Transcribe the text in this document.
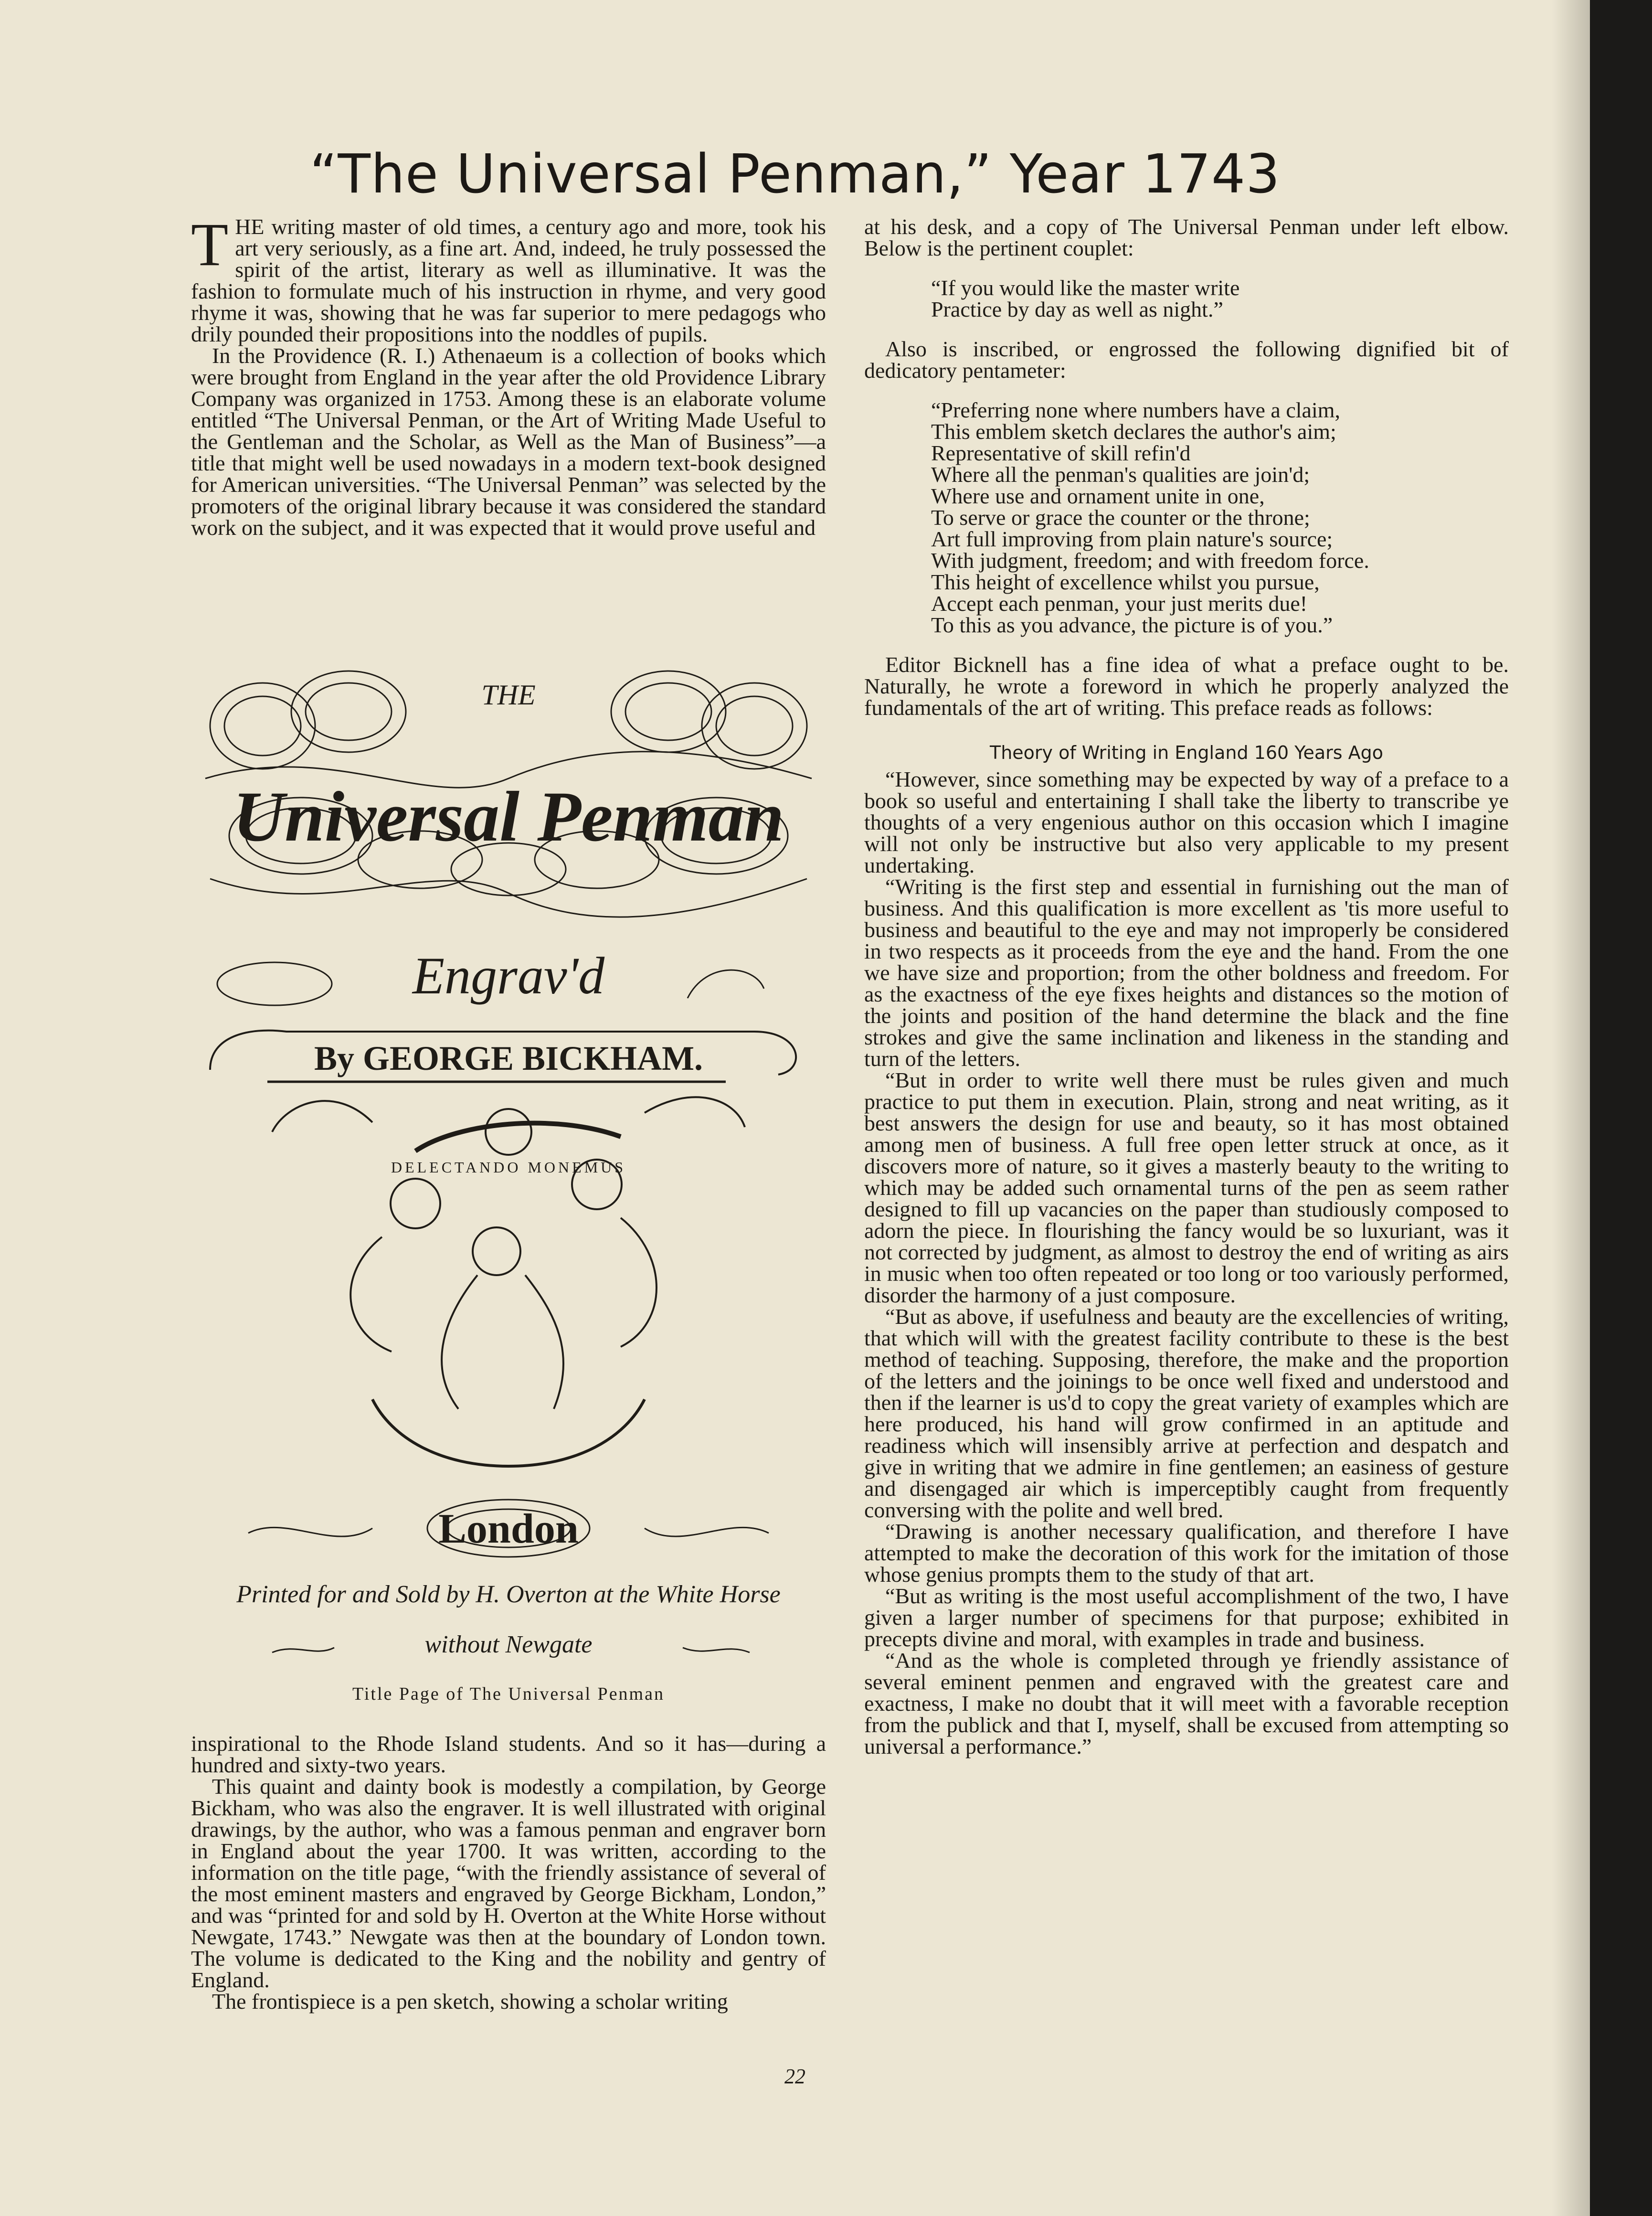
“The Universal Penman,” Year 1743

THE writing master of old times, a century ago and more, took his art very seriously, as a fine art. And, indeed, he truly possessed the spirit of the artist, literary as well as illuminative. It was the fashion to formulate much of his instruction in rhyme, and very good rhyme it was, showing that he was far superior to mere pedagogs who drily pounded their propositions into the noddles of pupils.

In the Providence (R. I.) Athenaeum is a collection of books which were brought from England in the year after the old Providence Library Company was organized in 1753. Among these is an elaborate volume entitled “The Universal Penman, or the Art of Writing Made Useful to the Gentleman and the Scholar, as Well as the Man of Business”—a title that might well be used nowadays in a modern text-book designed for American universities. “The Universal Penman” was selected by the promoters of the original library because it was considered the standard work on the subject, and it was expected that it would prove useful and

THE
Universal Penman
Engrav'd
By GEORGE BICKHAM.
DELECTANDO MONEMUS
London
Printed for and Sold by H. Overton at the White Horse
without Newgate
Title Page of The Universal Penman

inspirational to the Rhode Island students. And so it has—during a hundred and sixty-two years.

This quaint and dainty book is modestly a compilation, by George Bickham, who was also the engraver. It is well illustrated with original drawings, by the author, who was a famous penman and engraver born in England about the year 1700. It was written, according to the information on the title page, “with the friendly assistance of several of the most eminent masters and engraved by George Bickham, London,” and was “printed for and sold by H. Overton at the White Horse without Newgate, 1743.” Newgate was then at the boundary of London town. The volume is dedicated to the King and the nobility and gentry of England.

The frontispiece is a pen sketch, showing a scholar writing

at his desk, and a copy of The Universal Penman under left elbow. Below is the pertinent couplet:

“If you would like the master write
Practice by day as well as night.”

Also is inscribed, or engrossed the following dignified bit of dedicatory pentameter:

“Preferring none where numbers have a claim,
This emblem sketch declares the author's aim;
Representative of skill refin'd
Where all the penman's qualities are join'd;
Where use and ornament unite in one,
To serve or grace the counter or the throne;
Art full improving from plain nature's source;
With judgment, freedom; and with freedom force.
This height of excellence whilst you pursue,
Accept each penman, your just merits due!
To this as you advance, the picture is of you.”

Editor Bicknell has a fine idea of what a preface ought to be. Naturally, he wrote a foreword in which he properly analyzed the fundamentals of the art of writing. This preface reads as follows:

Theory of Writing in England 160 Years Ago

“However, since something may be expected by way of a preface to a book so useful and entertaining I shall take the liberty to transcribe ye thoughts of a very engenious author on this occasion which I imagine will not only be instructive but also very applicable to my present undertaking.

“Writing is the first step and essential in furnishing out the man of business. And this qualification is more excellent as 'tis more useful to business and beautiful to the eye and may not improperly be considered in two respects as it proceeds from the eye and the hand. From the one we have size and proportion; from the other boldness and freedom. For as the exactness of the eye fixes heights and distances so the motion of the joints and position of the hand determine the black and the fine strokes and give the same inclination and likeness in the standing and turn of the letters.

“But in order to write well there must be rules given and much practice to put them in execution. Plain, strong and neat writing, as it best answers the design for use and beauty, so it has most obtained among men of business. A full free open letter struck at once, as it discovers more of nature, so it gives a masterly beauty to the writing to which may be added such ornamental turns of the pen as seem rather designed to fill up vacancies on the paper than studiously composed to adorn the piece. In flourishing the fancy would be so luxuriant, was it not corrected by judgment, as almost to destroy the end of writing as airs in music when too often repeated or too long or too variously performed, disorder the harmony of a just composure.

“But as above, if usefulness and beauty are the excellencies of writing, that which will with the greatest facility contribute to these is the best method of teaching. Supposing, therefore, the make and the proportion of the letters and the joinings to be once well fixed and understood and then if the learner is us'd to copy the great variety of examples which are here produced, his hand will grow confirmed in an aptitude and readiness which will insensibly arrive at perfection and despatch and give in writing that we admire in fine gentlemen; an easiness of gesture and disengaged air which is imperceptibly caught from frequently conversing with the polite and well bred.

“Drawing is another necessary qualification, and therefore I have attempted to make the decoration of this work for the imitation of those whose genius prompts them to the study of that art.

“But as writing is the most useful accomplishment of the two, I have given a larger number of specimens for that purpose; exhibited in precepts divine and moral, with examples in trade and business.

“And as the whole is completed through ye friendly assistance of several eminent penmen and engraved with the greatest care and exactness, I make no doubt that it will meet with a favorable reception from the publick and that I, myself, shall be excused from attempting so universal a performance.”

22
